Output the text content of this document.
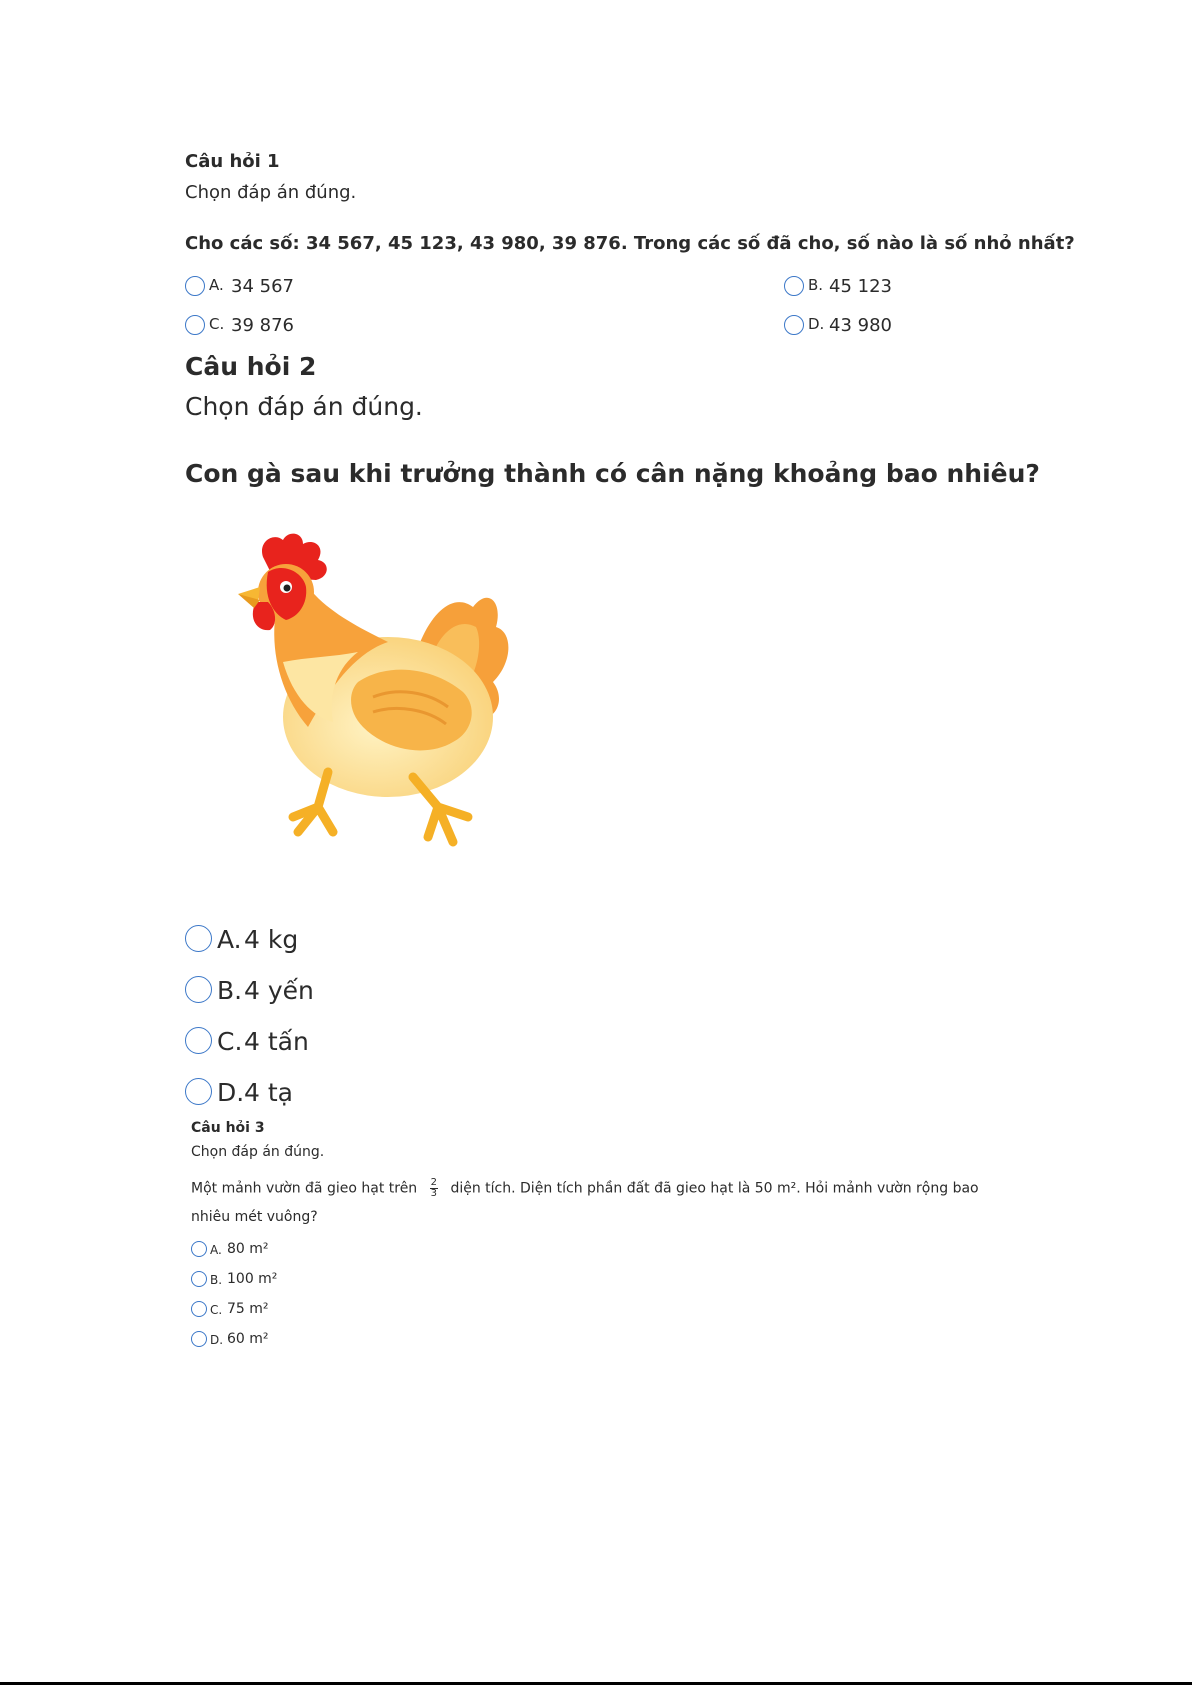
Câu hỏi 1
Chọn đáp án đúng.
Cho các số: 34 567, 45 123, 43 980, 39 876. Trong các số đã cho, số nào là số nhỏ nhất?
A. 34 567	B. 45 123
C. 39 876	D. 43 980
Câu hỏi 2
Chọn đáp án đúng.
Con gà sau khi trưởng thành có cân nặng khoảng bao nhiêu?
A. 4 kg
B. 4 yến
C. 4 tấn
D. 4 tạ
Câu hỏi 3
Chọn đáp án đúng.
Một mảnh vườn đã gieo hạt trên $\frac{2}{3}$ diện tích. Diện tích phần đất đã gieo hạt là 50 m². Hỏi mảnh vườn rộng bao
nhiêu mét vuông?
A. 80 m²
B. 100 m²
C. 75 m²
D. 60 m²
